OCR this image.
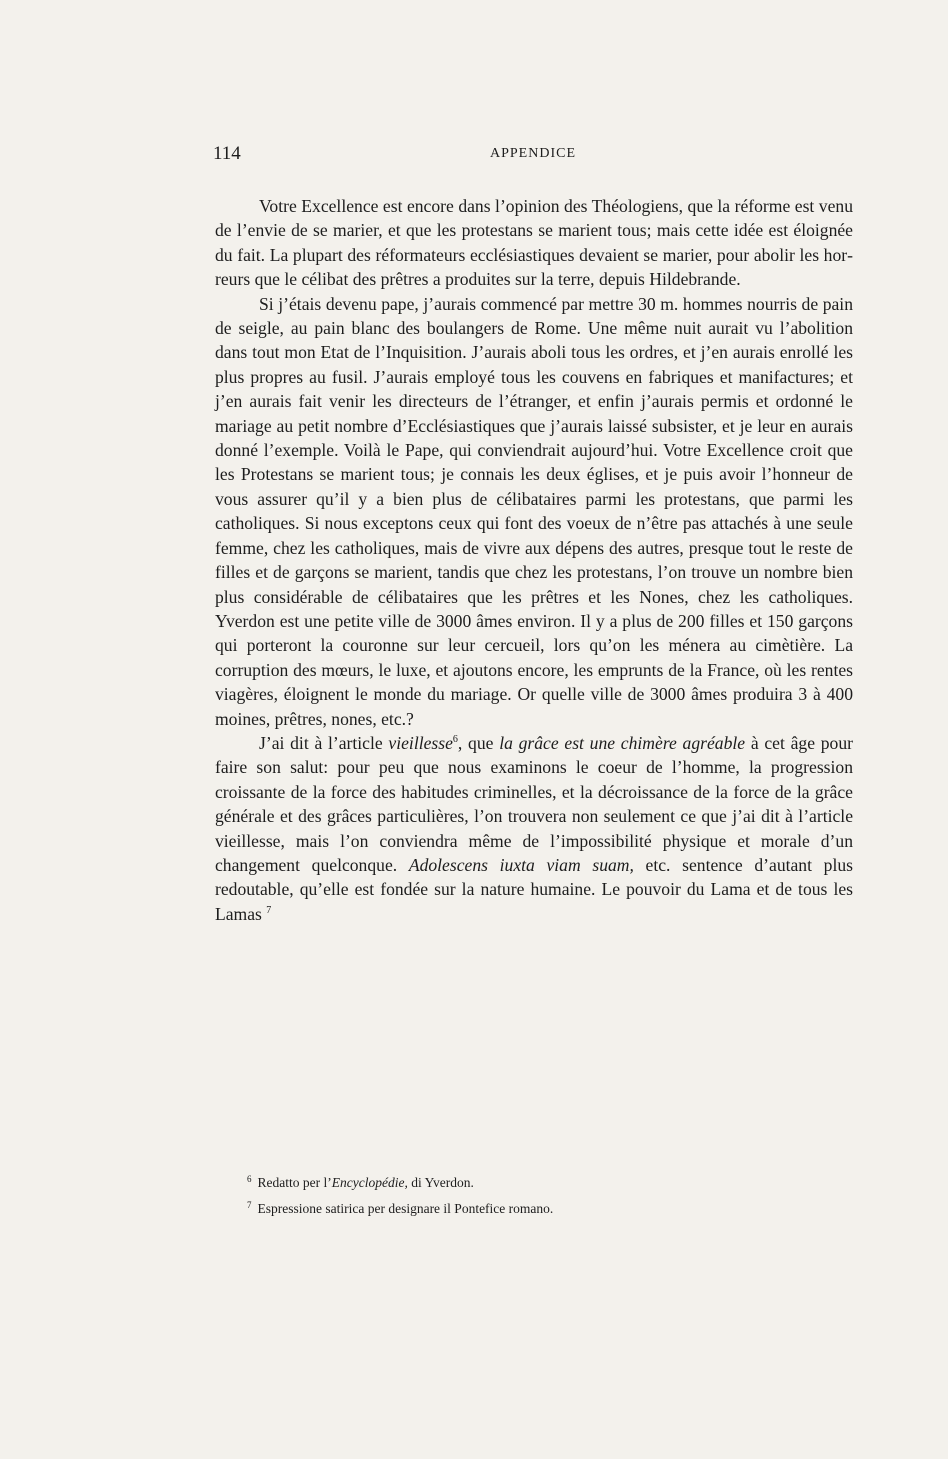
114	APPENDICE

Votre Excellence est encore dans l’opinion des Théologiens, que la réforme est venu de l’envie de se marier, et que les protestans se marient tous; mais cette idée est éloignée du fait. La plupart des réformateurs ecclésiastiques devaient se marier, pour abolir les horreurs que le célibat des prêtres a produites sur la terre, depuis Hildebrande.

Si j’étais devenu pape, j’aurais commencé par mettre 30 m. hommes nourris de pain de seigle, au pain blanc des boulangers de Rome. Une même nuit aurait vu l’abolition dans tout mon Etat de l’Inquisition. J’aurais aboli tous les ordres, et j’en aurais enrollé les plus propres au fusil. J’aurais employé tous les couvens en fabriques et manifactures; et j’en aurais fait venir les directeurs de l’étranger, et enfin j’aurais permis et ordonné le mariage au petit nombre d’Ecclésiastiques que j’aurais laissé subsister, et je leur en aurais donné l’exemple. Voilà le Pape, qui conviendrait aujourd’hui. Votre Excellence croit que les Protestans se marient tous; je connais les deux églises, et je puis avoir l’honneur de vous assurer qu’il y a bien plus de célibataires parmi les protestans, que parmi les catholiques. Si nous exceptons ceux qui font des voeux de n’être pas attachés à une seule femme, chez les catholiques, mais de vivre aux dépens des autres, presque tout le reste de filles et de garçons se marient, tandis que chez les protestans, l’on trouve un nombre bien plus considérable de célibataires que les prêtres et les Nones, chez les catholiques. Yverdon est une petite ville de 3000 âmes environ. Il y a plus de 200 filles et 150 garçons qui porteront la couronne sur leur cercueil, lors qu’on les ménera au cimètière. La corruption des mœurs, le luxe, et ajoutons encore, les emprunts de la France, où les rentes viagères, éloignent le monde du mariage. Or quelle ville de 3000 âmes produira 3 à 400 moines, prêtres, nones, etc.?

J’ai dit à l’article vieillesse$^6$, que la grâce est une chimère agréable à cet âge pour faire son salut: pour peu que nous examinons le coeur de l’homme, la progression croissante de la force des habitudes criminelles, et la décroissance de la force de la grâce générale et des grâces particulières, l’on trouvera non seulement ce que j’ai dit à l’article vieillesse, mais l’on conviendra même de l’impossibilité physique et morale d’un changement quelconque. Adolescens iuxta viam suam, etc. sentence d’autant plus redoutable, qu’elle est fondée sur la nature humaine. Le pouvoir du Lama et de tous les Lamas $^7$

$^6$ Redatto per l’Encyclopédie, di Yverdon.

$^7$ Espressione satirica per designare il Pontefice romano.
